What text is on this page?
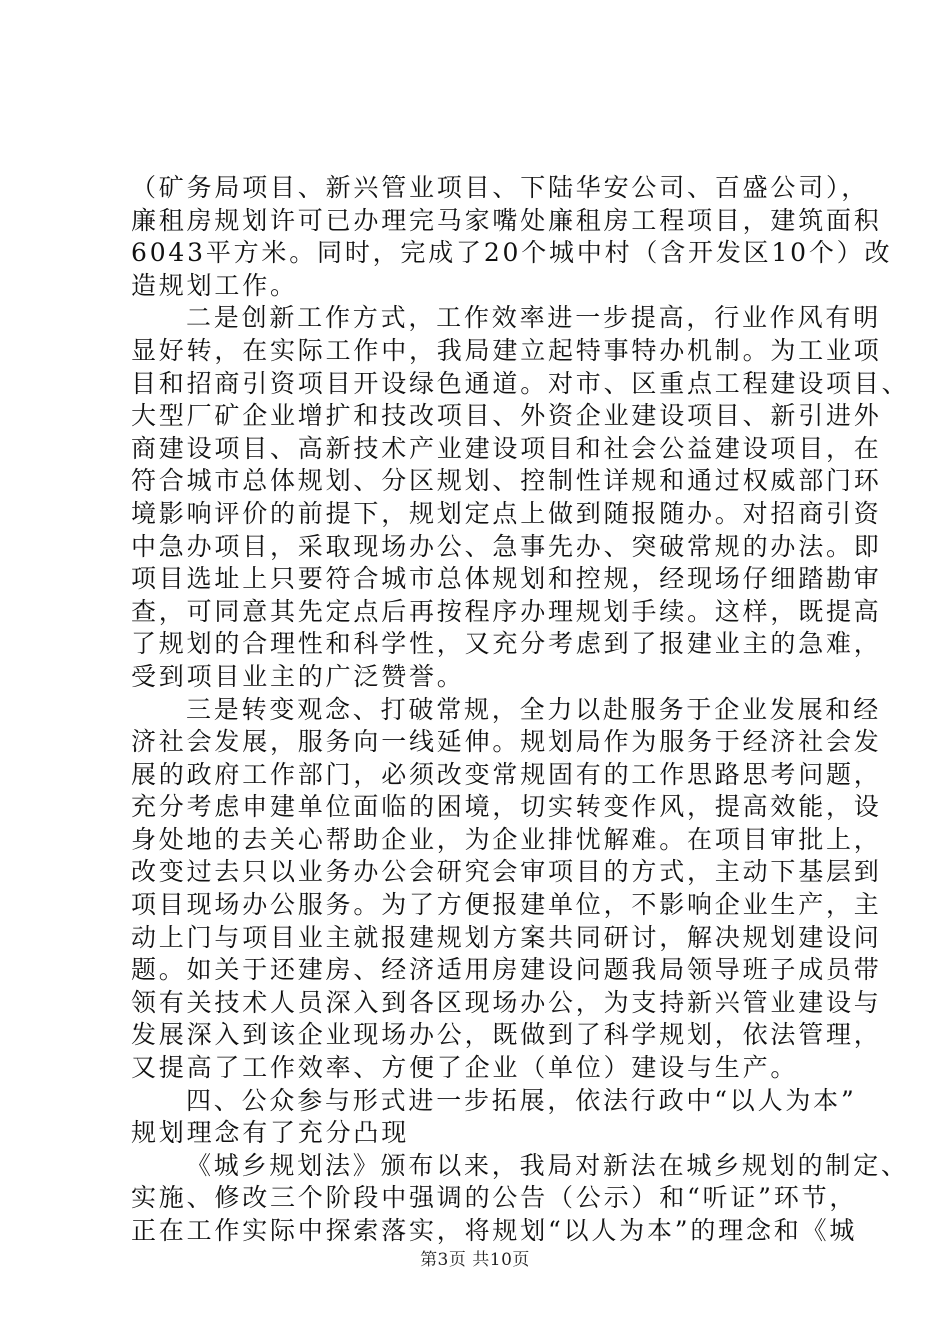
（矿务局项目、新兴管业项目、下陆华安公司、百盛公司），
廉租房规划许可已办理完马家嘴处廉租房工程项目，建筑面积
6043平方米。同时，完成了20个城中村（含开发区10个）改
造规划工作。
二是创新工作方式，工作效率进一步提高，行业作风有明
显好转，在实际工作中，我局建立起特事特办机制。为工业项
目和招商引资项目开设绿色通道。对市、区重点工程建设项目、
大型厂矿企业增扩和技改项目、外资企业建设项目、新引进外
商建设项目、高新技术产业建设项目和社会公益建设项目，在
符合城市总体规划、分区规划、控制性详规和通过权威部门环
境影响评价的前提下，规划定点上做到随报随办。对招商引资
中急办项目，采取现场办公、急事先办、突破常规的办法。即
项目选址上只要符合城市总体规划和控规，经现场仔细踏勘审
查，可同意其先定点后再按程序办理规划手续。这样，既提高
了规划的合理性和科学性，又充分考虑到了报建业主的急难，
受到项目业主的广泛赞誉。
三是转变观念、打破常规，全力以赴服务于企业发展和经
济社会发展，服务向一线延伸。规划局作为服务于经济社会发
展的政府工作部门，必须改变常规固有的工作思路思考问题，
充分考虑申建单位面临的困境，切实转变作风，提高效能，设
身处地的去关心帮助企业，为企业排忧解难。在项目审批上，
改变过去只以业务办公会研究会审项目的方式，主动下基层到
项目现场办公服务。为了方便报建单位，不影响企业生产，主
动上门与项目业主就报建规划方案共同研讨，解决规划建设问
题。如关于还建房、经济适用房建设问题我局领导班子成员带
领有关技术人员深入到各区现场办公，为支持新兴管业建设与
发展深入到该企业现场办公，既做到了科学规划，依法管理，
又提高了工作效率、方便了企业（单位）建设与生产。
四、公众参与形式进一步拓展，依法行政中“以人为本”
规划理念有了充分凸现
《城乡规划法》颁布以来，我局对新法在城乡规划的制定、
实施、修改三个阶段中强调的公告（公示）和“听证”环节，
正在工作实际中探索落实，将规划“以人为本”的理念和《城
第3页 共10页
